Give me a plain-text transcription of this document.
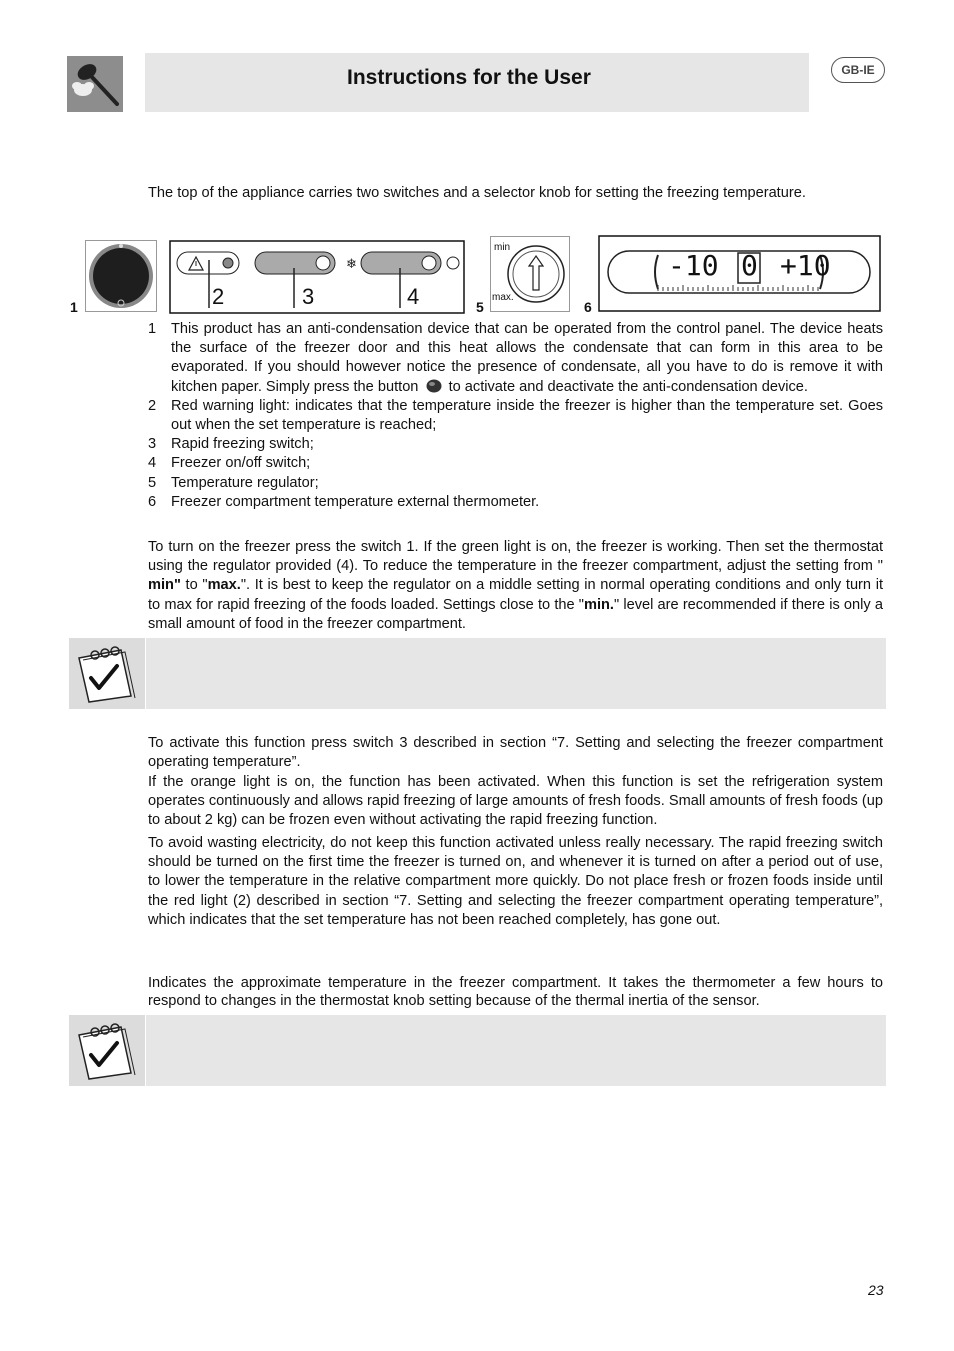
Instructions for the User	GB-IE
The top of the appliance carries two switches and a selector knob for setting the freezing temperature.
1
❄
2	3	4	5
min
max.
6
-10 0 +10
1 This product has an anti-condensation device that can be operated from the control panel. The device heats the surface of the freezer door and this heat allows the condensate that can form in this area to be evaporated. If you should however notice the presence of condensate, all you have to do is remove it with kitchen paper. Simply press the button to activate and deactivate the anti-condensation device.
2 Red warning light: indicates that the temperature inside the freezer is higher than the temperature set. Goes out when the set temperature is reached;
3 Rapid freezing switch;
4 Freezer on/off switch;
5 Temperature regulator;
6 Freezer compartment temperature external thermometer.
To turn on the freezer press the switch 1. If the green light is on, the freezer is working. Then set the thermostat using the regulator provided (4). To reduce the temperature in the freezer compartment, adjust the setting from " min" to "max.". It is best to keep the regulator on a middle setting in normal operating conditions and only turn it to max for rapid freezing of the foods loaded. Settings close to the "min." level are recommended if there is only a small amount of food in the freezer compartment.
To activate this function press switch 3 described in section “7. Setting and selecting the freezer compartment operating temperature”.
If the orange light is on, the function has been activated. When this function is set the refrigeration system operates continuously and allows rapid freezing of large amounts of fresh foods. Small amounts of fresh foods (up to about 2 kg) can be frozen even without activating the rapid freezing function.
To avoid wasting electricity, do not keep this function activated unless really necessary. The rapid freezing switch should be turned on the first time the freezer is turned on, and whenever it is turned on after a period out of use, to lower the temperature in the relative compartment more quickly. Do not place fresh or frozen foods inside until the red light (2) described in section “7. Setting and selecting the freezer compartment operating temperature”, which indicates that the set temperature has not been reached completely, has gone out.
Indicates the approximate temperature in the freezer compartment. It takes the thermometer a few hours to respond to changes in the thermostat knob setting because of the thermal inertia of the sensor.
23
